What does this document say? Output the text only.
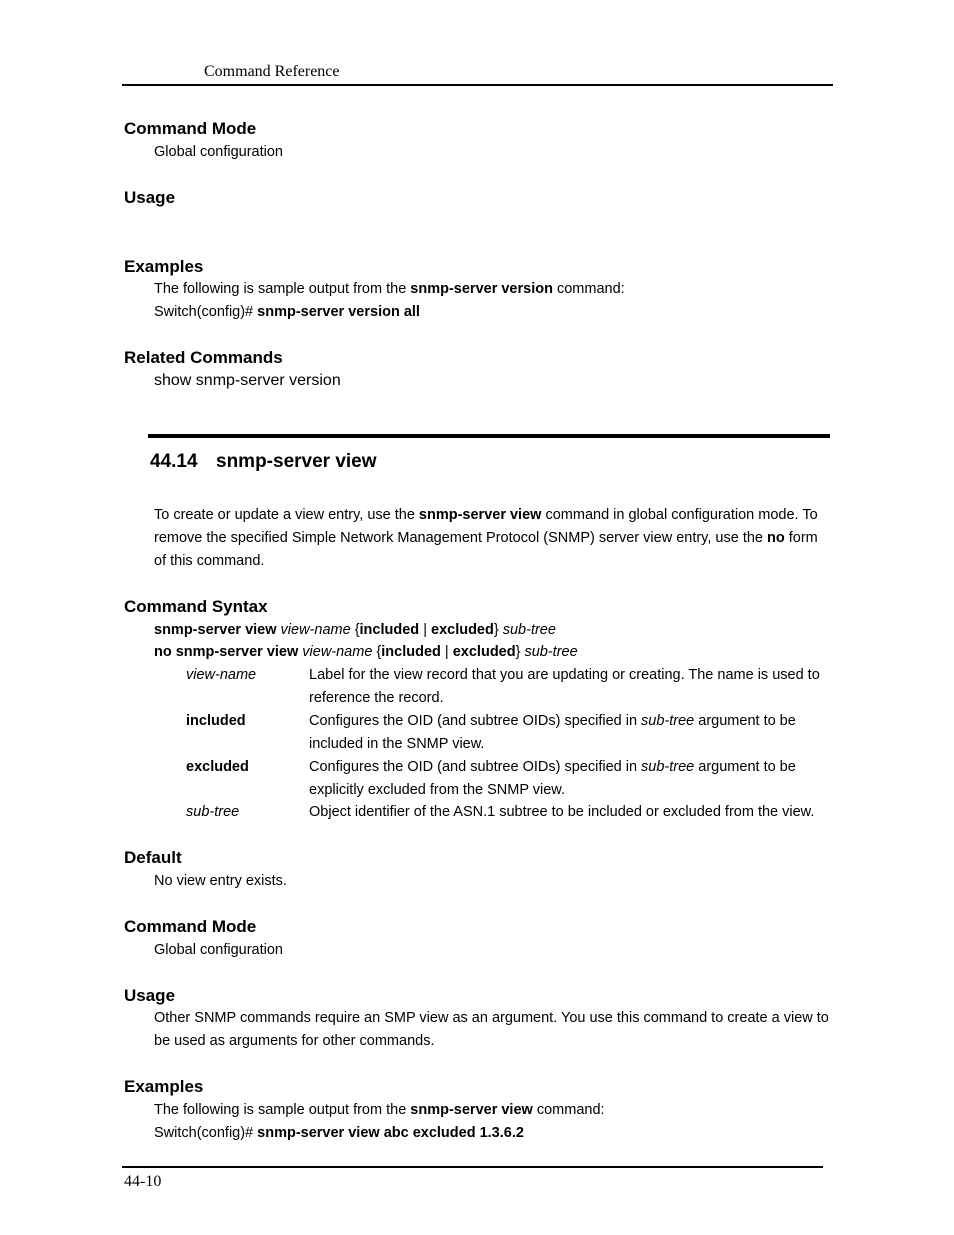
Command Reference
Command Mode
Global configuration
Usage
Examples
The following is sample output from the snmp-server version command:
Switch(config)# snmp-server version all
Related Commands
show snmp-server version
44.14 snmp-server view
To create or update a view entry, use the snmp-server view command in global configuration mode. To remove the specified Simple Network Management Protocol (SNMP) server view entry, use the no form of this command.
Command Syntax
snmp-server view view-name {included | excluded} sub-tree
no snmp-server view view-name {included | excluded} sub-tree
view-name	Label for the view record that you are updating or creating. The name is used to reference the record.
included	Configures the OID (and subtree OIDs) specified in sub-tree argument to be included in the SNMP view.
excluded	Configures the OID (and subtree OIDs) specified in sub-tree argument to be explicitly excluded from the SNMP view.
sub-tree	Object identifier of the ASN.1 subtree to be included or excluded from the view.
Default
No view entry exists.
Command Mode
Global configuration
Usage
Other SNMP commands require an SMP view as an argument. You use this command to create a view to be used as arguments for other commands.
Examples
The following is sample output from the snmp-server view command:
Switch(config)# snmp-server view abc excluded 1.3.6.2
44-10
